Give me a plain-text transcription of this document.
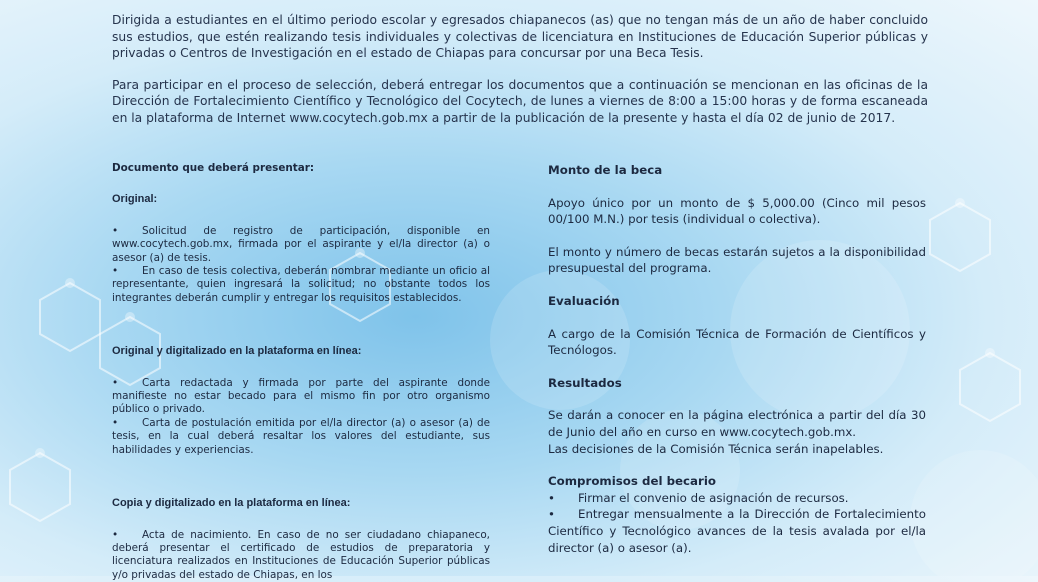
Dirigida a estudiantes en el último periodo escolar y egresados chiapanecos (as) que no tengan más de un año de haber concluido sus estudios, que estén realizando tesis individuales y colectivas de licenciatura en Instituciones de Educación Superior públicas y privadas o Centros de Investigación en el estado de Chiapas para concursar por una Beca Tesis.

Para participar en el proceso de selección, deberá entregar los documentos que a continuación se mencionan en las oficinas de la Dirección de Fortalecimiento Científico y Tecnológico del Cocytech, de lunes a viernes de 8:00 a 15:00 horas y de forma escaneada en la plataforma de Internet www.cocytech.gob.mx a partir de la publicación de la presente y hasta el día 02 de junio de 2017.

Documento que deberá presentar:
Original:
• Solicitud de registro de participación, disponible en www.cocytech.gob.mx, firmada por el aspirante y el/la director (a) o asesor (a) de tesis.
• En caso de tesis colectiva, deberán nombrar mediante un oficio al representante, quien ingresará la solicitud; no obstante todos los integrantes deberán cumplir y entregar los requisitos establecidos.
Original y digitalizado en la plataforma en línea:
• Carta redactada y firmada por parte del aspirante donde manifieste no estar becado para el mismo fin por otro organismo público o privado.
• Carta de postulación emitida por el/la director (a) o asesor (a) de tesis, en la cual deberá resaltar los valores del estudiante, sus habilidades y experiencias.
Copia y digitalizado en la plataforma en línea:
• Acta de nacimiento. En caso de no ser ciudadano chiapaneco, deberá presentar el certificado de estudios de preparatoria y licenciatura realizados en Instituciones de Educación Superior públicas y/o privadas del estado de Chiapas, en los
Monto de la beca

Apoyo único por un monto de $ 5,000.00 (Cinco mil pesos 00/100 M.N.) por tesis (individual o colectiva).

El monto y número de becas estarán sujetos a la disponibilidad presupuestal del programa.

Evaluación

A cargo de la Comisión Técnica de Formación de Científicos y Tecnólogos.

Resultados

Se darán a conocer en la página electrónica a partir del día 30 de Junio del año en curso en www.cocytech.gob.mx.

Las decisiones de la Comisión Técnica serán inapelables.

Compromisos del becario
• Firmar el convenio de asignación de recursos.
• Entregar mensualmente a la Dirección de Fortalecimiento Científico y Tecnológico avances de la tesis avalada por el/la director (a) o asesor (a).
